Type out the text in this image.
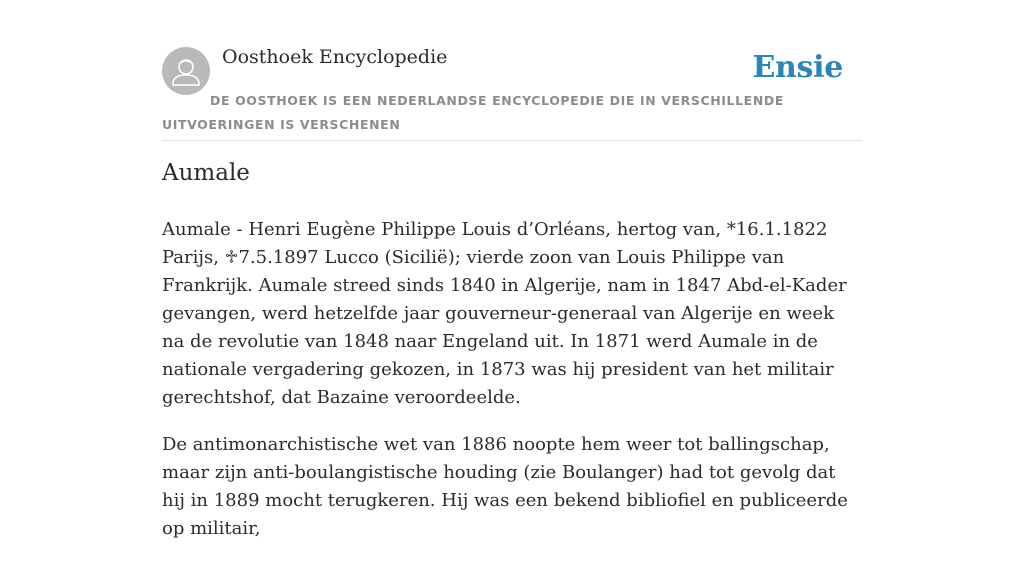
Oosthoek Encyclopedie	Ensie
DE OOSTHOEK IS EEN NEDERLANDSE ENCYCLOPEDIE DIE IN VERSCHILLENDE UITVOERINGEN IS VERSCHENEN
Aumale

Aumale - Henri Eugène Philippe Louis d’Orléans, hertog van, *16.1.1822 Parijs, ♱7.5.1897 Lucco (Sicilië); vierde zoon van Louis Philippe van Frankrijk. Aumale streed sinds 1840 in Algerije, nam in 1847 Abd-el-Kader gevangen, werd hetzelfde jaar gouverneur-generaal van Algerije en week na de revolutie van 1848 naar Engeland uit. In 1871 werd Aumale in de nationale vergadering gekozen, in 1873 was hij president van het militair gerechtshof, dat Bazaine veroordeelde.

De antimonarchistische wet van 1886 noopte hem weer tot ballingschap, maar zijn anti-boulangistische houding (zie Boulanger) had tot gevolg dat hij in 1889 mocht terugkeren. Hij was een bekend bibliofiel en publiceerde op militair,
